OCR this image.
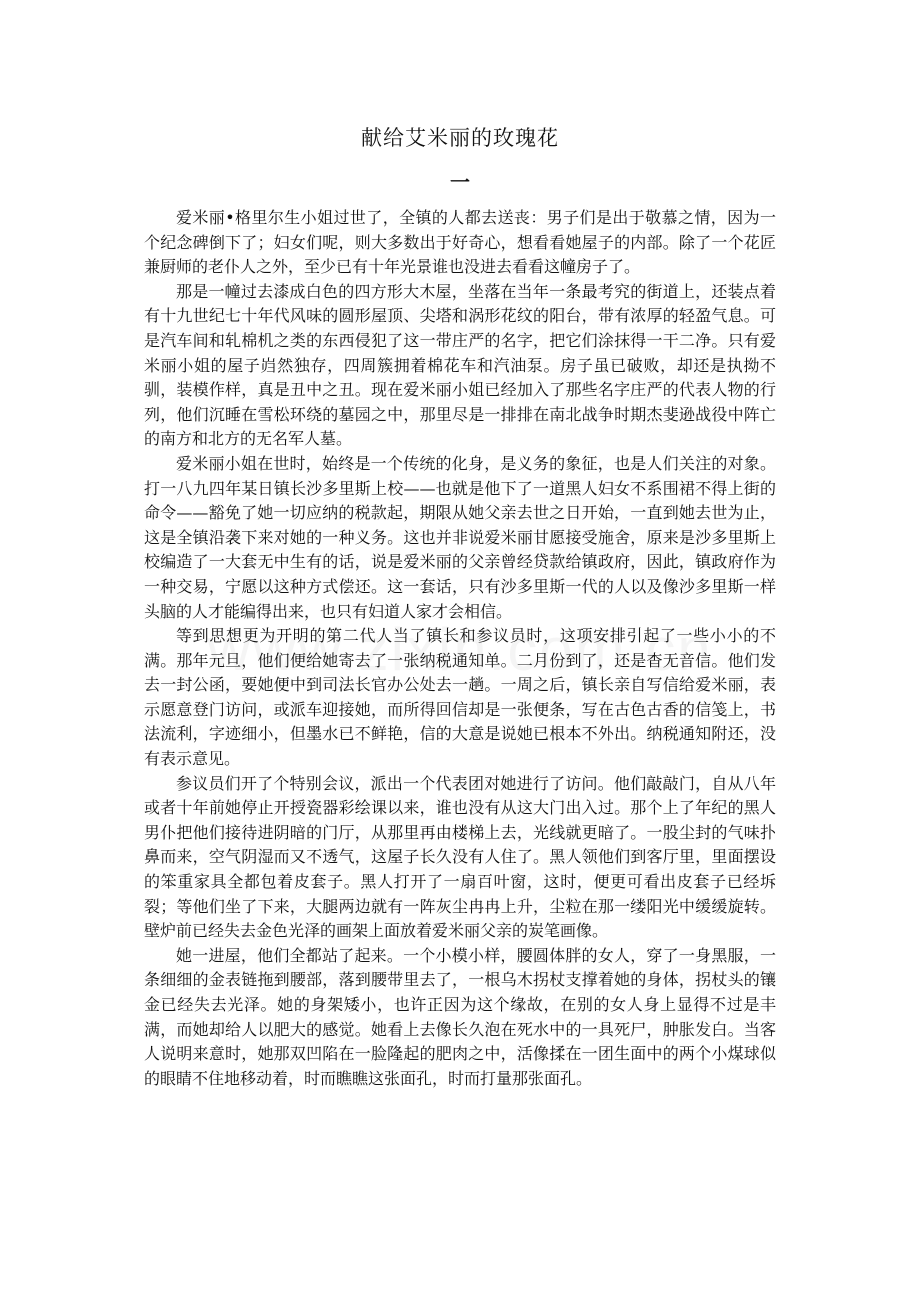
献给艾米丽的玫瑰花
一

爱米丽•格里尔生小姐过世了，全镇的人都去送丧：男子们是出于敬慕之情，因为一个纪念碑倒下了；妇女们呢，则大多数出于好奇心，想看看她屋子的内部。除了一个花匠兼厨师的老仆人之外，至少已有十年光景谁也没进去看看这幢房子了。

那是一幢过去漆成白色的四方形大木屋，坐落在当年一条最考究的街道上，还装点着有十九世纪七十年代风味的圆形屋顶、尖塔和涡形花纹的阳台，带有浓厚的轻盈气息。可是汽车间和轧棉机之类的东西侵犯了这一带庄严的名字，把它们涂抹得一干二净。只有爱米丽小姐的屋子岿然独存，四周簇拥着棉花车和汽油泵。房子虽已破败，却还是执拗不驯，装模作样，真是丑中之丑。现在爱米丽小姐已经加入了那些名字庄严的代表人物的行列，他们沉睡在雪松环绕的墓园之中，那里尽是一排排在南北战争时期杰斐逊战役中阵亡的南方和北方的无名军人墓。

爱米丽小姐在世时，始终是一个传统的化身，是义务的象征，也是人们关注的对象。打一八九四年某日镇长沙多里斯上校——也就是他下了一道黑人妇女不系围裙不得上街的命令——豁免了她一切应纳的税款起，期限从她父亲去世之日开始，一直到她去世为止，这是全镇沿袭下来对她的一种义务。这也并非说爱米丽甘愿接受施舍，原来是沙多里斯上校编造了一大套无中生有的话，说是爱米丽的父亲曾经贷款给镇政府，因此，镇政府作为一种交易，宁愿以这种方式偿还。这一套话，只有沙多里斯一代的人以及像沙多里斯一样头脑的人才能编得出来，也只有妇道人家才会相信。

等到思想更为开明的第二代人当了镇长和参议员时，这项安排引起了一些小小的不满。那年元旦，他们便给她寄去了一张纳税通知单。二月份到了，还是杳无音信。他们发去一封公函，要她便中到司法长官办公处去一趟。一周之后，镇长亲自写信给爱米丽，表示愿意登门访问，或派车迎接她，而所得回信却是一张便条，写在古色古香的信笺上，书法流利，字迹细小，但墨水已不鲜艳，信的大意是说她已根本不外出。纳税通知附还，没有表示意见。

参议员们开了个特别会议，派出一个代表团对她进行了访问。他们敲敲门，自从八年或者十年前她停止开授瓷器彩绘课以来，谁也没有从这大门出入过。那个上了年纪的黑人男仆把他们接待进阴暗的门厅，从那里再由楼梯上去，光线就更暗了。一股尘封的气味扑鼻而来，空气阴湿而又不透气，这屋子长久没有人住了。黑人领他们到客厅里，里面摆设的笨重家具全都包着皮套子。黑人打开了一扇百叶窗，这时，便更可看出皮套子已经坼裂；等他们坐了下来，大腿两边就有一阵灰尘冉冉上升，尘粒在那一缕阳光中缓缓旋转。壁炉前已经失去金色光泽的画架上面放着爱米丽父亲的炭笔画像。

她一进屋，他们全都站了起来。一个小模小样，腰圆体胖的女人，穿了一身黑服，一条细细的金表链拖到腰部，落到腰带里去了，一根乌木拐杖支撑着她的身体，拐杖头的镶金已经失去光泽。她的身架矮小，也许正因为这个缘故，在别的女人身上显得不过是丰满，而她却给人以肥大的感觉。她看上去像长久泡在死水中的一具死尸，肿胀发白。当客人说明来意时，她那双凹陷在一脸隆起的肥肉之中，活像揉在一团生面中的两个小煤球似的眼睛不住地移动着，时而瞧瞧这张面孔，时而打量那张面孔。
